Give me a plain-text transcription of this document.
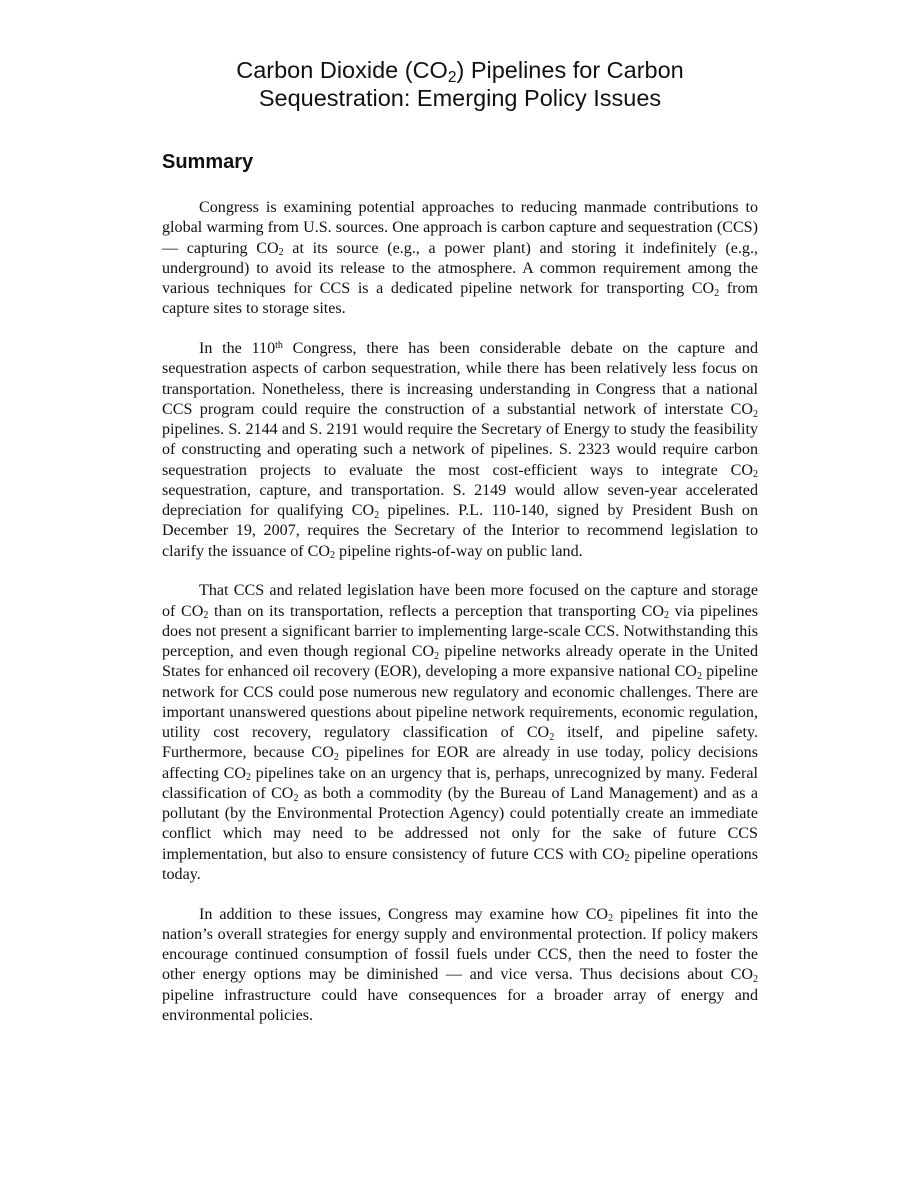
Carbon Dioxide $(CO_2)$ Pipelines for Carbon
Sequestration: Emerging Policy Issues
Summary

Congress is examining potential approaches to reducing manmade contributions to global warming from U.S. sources. One approach is carbon capture and sequestration (CCS) — capturing $CO_2$ at its source (e.g., a power plant) and storing it indefinitely (e.g., underground) to avoid its release to the atmosphere. A common requirement among the various techniques for CCS is a dedicated pipeline network for transporting $CO_2$ from capture sites to storage sites.

In the 110th Congress, there has been considerable debate on the capture and sequestration aspects of carbon sequestration, while there has been relatively less focus on transportation. Nonetheless, there is increasing understanding in Congress that a national CCS program could require the construction of a substantial network of interstate $CO_2$ pipelines. S. 2144 and S. 2191 would require the Secretary of Energy to study the feasibility of constructing and operating such a network of pipelines. S. 2323 would require carbon sequestration projects to evaluate the most cost-efficient ways to integrate $CO_2$ sequestration, capture, and transportation. S. 2149 would allow seven-year accelerated depreciation for qualifying $CO_2$ pipelines. P.L. 110-140, signed by President Bush on December 19, 2007, requires the Secretary of the Interior to recommend legislation to clarify the issuance of $CO_2$ pipeline rights-of-way on public land.

That CCS and related legislation have been more focused on the capture and storage of $CO_2$ than on its transportation, reflects a perception that transporting $CO_2$ via pipelines does not present a significant barrier to implementing large-scale CCS. Notwithstanding this perception, and even though regional $CO_2$ pipeline networks already operate in the United States for enhanced oil recovery (EOR), developing a more expansive national $CO_2$ pipeline network for CCS could pose numerous new regulatory and economic challenges. There are important unanswered questions about pipeline network requirements, economic regulation, utility cost recovery, regulatory classification of $CO_2$ itself, and pipeline safety. Furthermore, because $CO_2$ pipelines for EOR are already in use today, policy decisions affecting $CO_2$ pipelines take on an urgency that is, perhaps, unrecognized by many. Federal classification of $CO_2$ as both a commodity (by the Bureau of Land Management) and as a pollutant (by the Environmental Protection Agency) could potentially create an immediate conflict which may need to be addressed not only for the sake of future CCS implementation, but also to ensure consistency of future CCS with $CO_2$ pipeline operations today.

In addition to these issues, Congress may examine how $CO_2$ pipelines fit into the nation’s overall strategies for energy supply and environmental protection. If policy makers encourage continued consumption of fossil fuels under CCS, then the need to foster the other energy options may be diminished — and vice versa. Thus decisions about $CO_2$ pipeline infrastructure could have consequences for a broader array of energy and environmental policies.
